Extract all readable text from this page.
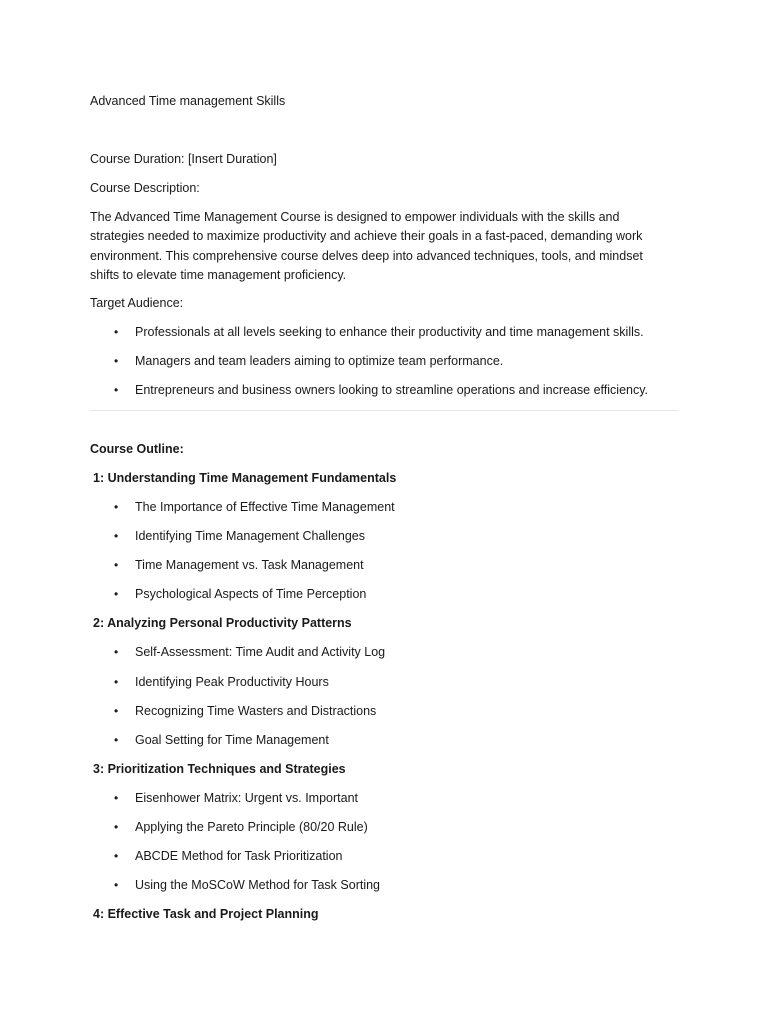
Advanced Time management Skills
Course Duration: [Insert Duration]
Course Description:
The Advanced Time Management Course is designed to empower individuals with the skills and
strategies needed to maximize productivity and achieve their goals in a fast-paced, demanding work
environment. This comprehensive course delves deep into advanced techniques, tools, and mindset
shifts to elevate time management proficiency.
Target Audience:
• Professionals at all levels seeking to enhance their productivity and time management skills.
• Managers and team leaders aiming to optimize team performance.
• Entrepreneurs and business owners looking to streamline operations and increase efficiency.
Course Outline:
1: Understanding Time Management Fundamentals
• The Importance of Effective Time Management
• Identifying Time Management Challenges
• Time Management vs. Task Management
• Psychological Aspects of Time Perception
2: Analyzing Personal Productivity Patterns
• Self-Assessment: Time Audit and Activity Log
• Identifying Peak Productivity Hours
• Recognizing Time Wasters and Distractions
• Goal Setting for Time Management
3: Prioritization Techniques and Strategies
• Eisenhower Matrix: Urgent vs. Important
• Applying the Pareto Principle (80/20 Rule)
• ABCDE Method for Task Prioritization
• Using the MoSCoW Method for Task Sorting
4: Effective Task and Project Planning
